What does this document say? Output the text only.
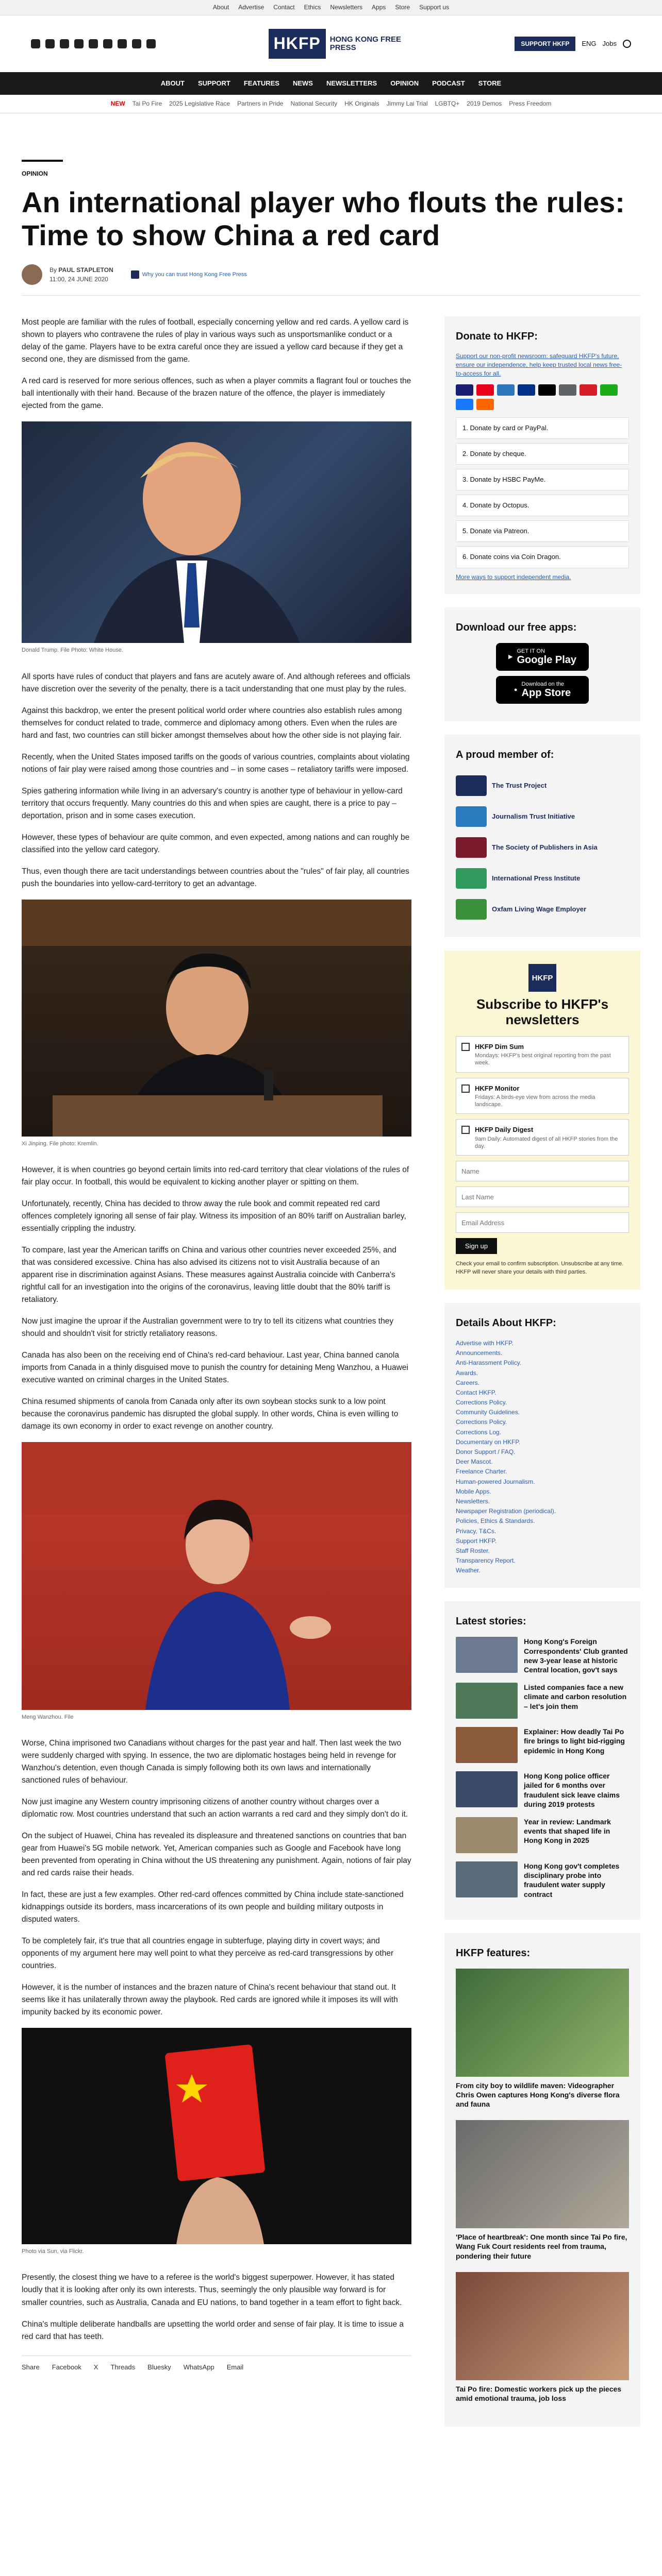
About Advertise Contact Ethics Newsletters Apps Store Support us
HKFP	HONG KONG FREE PRESS	SUPPORT HKFP	ENG Jobs
ABOUT SUPPORT FEATURES NEWS NEWSLETTERS OPINION PODCAST STORE
NEW Tai Po Fire 2025 Legislative Race Partners in Pride National Security HK Originals Jimmy Lai Trial LGBTQ+ 2019 Demos Press Freedom
OPINION
An international player who flouts the rules: Time to show China a red card
By PAUL STAPLETON
11:00, 24 JUNE 2020
Why you can trust Hong Kong Free Press

Most people are familiar with the rules of football, especially concerning yellow and red cards. A yellow card is shown to players who contravene the rules of play in various ways such as unsportsmanlike conduct or a delay of the game. Players have to be extra careful once they are issued a yellow card because if they get a second one, they are dismissed from the game.

A red card is reserved for more serious offences, such as when a player commits a flagrant foul or touches the ball intentionally with their hand. Because of the brazen nature of the offence, the player is immediately ejected from the game.

Donald Trump. File Photo: White House.

All sports have rules of conduct that players and fans are acutely aware of. And although referees and officials have discretion over the severity of the penalty, there is a tacit understanding that one must play by the rules.

Against this backdrop, we enter the present political world order where countries also establish rules among themselves for conduct related to trade, commerce and diplomacy among others. Even when the rules are hard and fast, two countries can still bicker amongst themselves about how the other side is not playing fair.

Recently, when the United States imposed tariffs on the goods of various countries, complaints about violating notions of fair play were raised among those countries and – in some cases – retaliatory tariffs were imposed.

Spies gathering information while living in an adversary's country is another type of behaviour in yellow-card territory that occurs frequently. Many countries do this and when spies are caught, there is a price to pay – deportation, prison and in some cases execution.

However, these types of behaviour are quite common, and even expected, among nations and can roughly be classified into the yellow card category.

Thus, even though there are tacit understandings between countries about the "rules" of fair play, all countries push the boundaries into yellow-card-territory to get an advantage.

Xi Jinping. File photo: Kremlin.

However, it is when countries go beyond certain limits into red-card territory that clear violations of the rules of fair play occur. In football, this would be equivalent to kicking another player or spitting on them.

Unfortunately, recently, China has decided to throw away the rule book and commit repeated red card offences completely ignoring all sense of fair play. Witness its imposition of an 80% tariff on Australian barley, essentially crippling the industry.

To compare, last year the American tariffs on China and various other countries never exceeded 25%, and that was considered excessive. China has also advised its citizens not to visit Australia because of an apparent rise in discrimination against Asians. These measures against Australia coincide with Canberra's rightful call for an investigation into the origins of the coronavirus, leaving little doubt that the 80% tariff is retaliatory.

Now just imagine the uproar if the Australian government were to try to tell its citizens what countries they should and shouldn't visit for strictly retaliatory reasons.

Canada has also been on the receiving end of China's red-card behaviour. Last year, China banned canola imports from Canada in a thinly disguised move to punish the country for detaining Meng Wanzhou, a Huawei executive wanted on criminal charges in the United States.

China resumed shipments of canola from Canada only after its own soybean stocks sunk to a low point because the coronavirus pandemic has disrupted the global supply. In other words, China is even willing to damage its own economy in order to exact revenge on another country.

Meng Wanzhou. File

Worse, China imprisoned two Canadians without charges for the past year and half. Then last week the two were suddenly charged with spying. In essence, the two are diplomatic hostages being held in revenge for Wanzhou's detention, even though Canada is simply following both its own laws and internationally sanctioned rules of behaviour.

Now just imagine any Western country imprisoning citizens of another country without charges over a diplomatic row. Most countries understand that such an action warrants a red card and they simply don't do it.

On the subject of Huawei, China has revealed its displeasure and threatened sanctions on countries that ban gear from Huawei's 5G mobile network. Yet, American companies such as Google and Facebook have long been prevented from operating in China without the US threatening any punishment. Again, notions of fair play and red cards raise their heads.

In fact, these are just a few examples. Other red-card offences committed by China include state-sanctioned kidnappings outside its borders, mass incarcerations of its own people and building military outposts in disputed waters.

To be completely fair, it's true that all countries engage in subterfuge, playing dirty in covert ways; and opponents of my argument here may well point to what they perceive as red-card transgressions by other countries.

However, it is the number of instances and the brazen nature of China's recent behaviour that stand out. It seems like it has unilaterally thrown away the playbook. Red cards are ignored while it imposes its will with impunity backed by its economic power.

Photo via Sun, via Flickr.

Presently, the closest thing we have to a referee is the world's biggest superpower. However, it has stated loudly that it is looking after only its own interests. Thus, seemingly the only plausible way forward is for smaller countries, such as Australia, Canada and EU nations, to band together in a team effort to fight back.

China's multiple deliberate handballs are upsetting the world order and sense of fair play. It is time to issue a red card that has teeth.

Share Facebook X Threads Bluesky WhatsApp Email
Donate to HKFP:
Support our non-profit newsroom: safeguard HKFP's future, ensure our independence, help keep trusted local news free-to-access for all.
1. Donate by card or PayPal.
2. Donate by cheque.
3. Donate by HSBC PayMe.
4. Donate by Octopus.
5. Donate via Patreon.
6. Donate coins via Coin Dragon.
More ways to support independent media.
Download our free apps:
▶
GET IT ON
Google Play
●
Download on the
App Store
A proud member of:
The Trust Project
Journalism Trust Initiative
The Society of Publishers in Asia
International Press Institute
Oxfam Living Wage Employer
HKFP
Subscribe to HKFP's newsletters
HKFP Dim Sum
Mondays: HKFP's best original reporting from the past week.
HKFP Monitor
Fridays: A birds-eye view from across the media landscape.
HKFP Daily Digest
9am Daily: Automated digest of all HKFP stories from the day.
Name Last Name Email Address
Sign up
Check your email to confirm subscription. Unsubscribe at any time. HKFP will never share your details with third parties.
Details About HKFP:
Advertise with HKFP.
Announcements.
Anti-Harassment Policy.
Awards.
Careers.
Contact HKFP.
Corrections Policy.
Community Guidelines.
Corrections Policy.
Corrections Log.
Documentary on HKFP.
Donor Support / FAQ.
Deer Mascot.
Freelance Charter.
Human-powered Journalism.
Mobile Apps.
Newsletters.
Newspaper Registration (periodical).
Policies, Ethics & Standards.
Privacy, T&Cs.
Support HKFP.
Staff Roster.
Transparency Report.
Weather.
Latest stories:
Hong Kong's Foreign Correspondents' Club granted new 3-year lease at historic Central location, gov't says
Listed companies face a new climate and carbon resolution – let's join them
Explainer: How deadly Tai Po fire brings to light bid-rigging epidemic in Hong Kong
Hong Kong police officer jailed for 6 months over fraudulent sick leave claims during 2019 protests
Year in review: Landmark events that shaped life in Hong Kong in 2025
Hong Kong gov't completes disciplinary probe into fraudulent water supply contract
HKFP features:
From city boy to wildlife maven: Videographer Chris Owen captures Hong Kong's diverse flora and fauna
'Place of heartbreak': One month since Tai Po fire, Wang Fuk Court residents reel from trauma, pondering their future
Tai Po fire: Domestic workers pick up the pieces amid emotional trauma, job loss
